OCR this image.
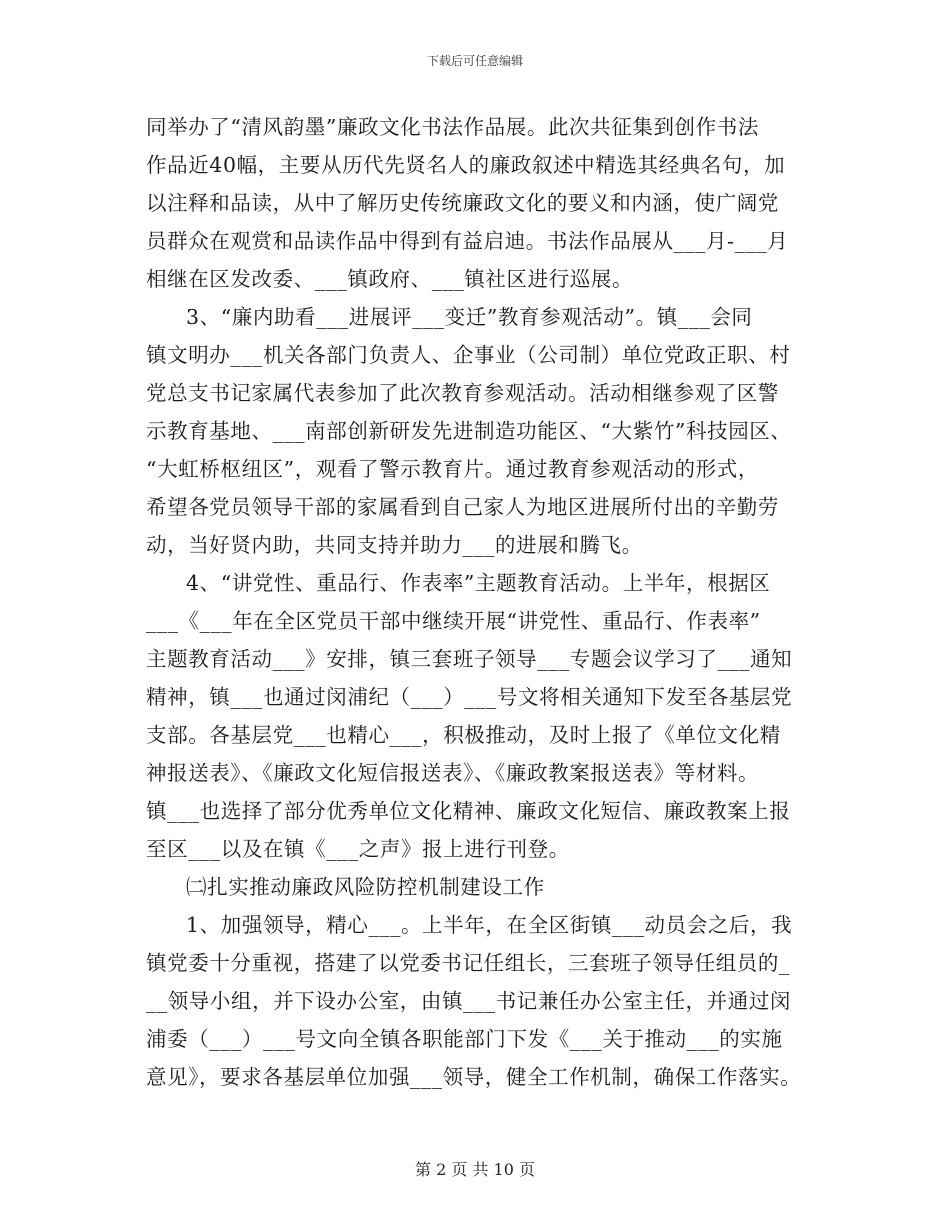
下载后可任意编辑
同举办了“清风韵墨”廉政文化书法作品展。此次共征集到创作书法
作品近40幅，主要从历代先贤名人的廉政叙述中精选其经典名句，加
以注释和品读，从中了解历史传统廉政文化的要义和内涵，使广阔党
员群众在观赏和品读作品中得到有益启迪。书法作品展从___月-___月
相继在区发改委、___镇政府、___镇社区进行巡展。
3、“廉内助看___进展评___变迁”教育参观活动”。镇___会同
镇文明办___机关各部门负责人、企事业（公司制）单位党政正职、村
党总支书记家属代表参加了此次教育参观活动。活动相继参观了区警
示教育基地、___南部创新研发先进制造功能区、“大紫竹”科技园区、
“大虹桥枢纽区”，观看了警示教育片。通过教育参观活动的形式，
希望各党员领导干部的家属看到自己家人为地区进展所付出的辛勤劳
动，当好贤内助，共同支持并助力___的进展和腾飞。
4、“讲党性、重品行、作表率”主题教育活动。上半年，根据区
___《___年在全区党员干部中继续开展“讲党性、重品行、作表率”
主题教育活动___》安排，镇三套班子领导___专题会议学习了___通知
精神，镇___也通过闵浦纪（___）___号文将相关通知下发至各基层党
支部。各基层党___也精心___，积极推动，及时上报了《单位文化精
神报送表》、《廉政文化短信报送表》、《廉政教案报送表》等材料。
镇___也选择了部分优秀单位文化精神、廉政文化短信、廉政教案上报
至区___以及在镇《___之声》报上进行刊登。
㈡扎实推动廉政风险防控机制建设工作
1、加强领导，精心___。上半年，在全区街镇___动员会之后，我
镇党委十分重视，搭建了以党委书记任组长，三套班子领导任组员的_
__领导小组，并下设办公室，由镇___书记兼任办公室主任，并通过闵
浦委（___）___号文向全镇各职能部门下发《___关于推动___的实施
意见》，要求各基层单位加强___领导，健全工作机制，确保工作落实。
第 2 页 共 10 页
